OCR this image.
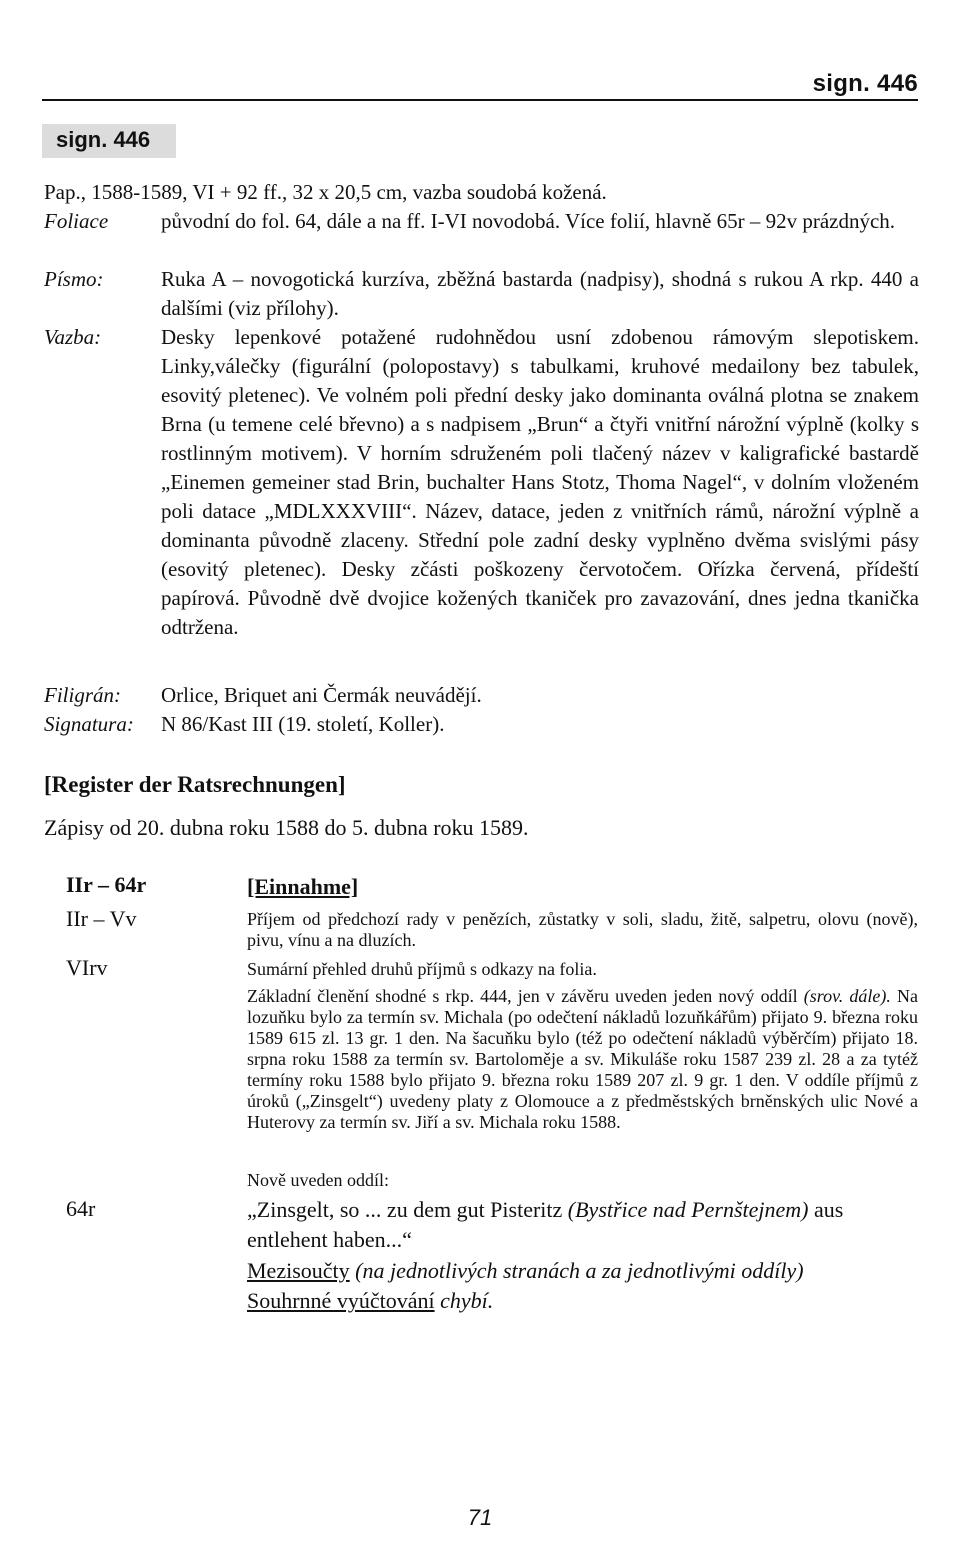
sign. 446
sign. 446
Pap., 1588-1589, VI + 92 ff., 32 x 20,5 cm, vazba soudobá kožená.
Foliace	původní do fol. 64, dále a na ff. I-VI novodobá. Více folií, hlavně 65r – 92v prázdných.
Písmo:	Ruka A – novogotická kurzíva, zběžná bastarda (nadpisy), shodná s rukou A rkp. 440 a dalšími (viz přílohy).
Vazba:	Desky lepenkové potažené rudohnědou usní zdobenou rámovým slepotiskem. Linky,válečky (figurální (polopostavy) s tabulkami, kruhové medailony bez tabulek, esovitý pletenec). Ve volném poli přední desky jako dominanta oválná plotna se znakem Brna (u temene celé břevno) a s nadpisem „Brun“ a čtyři vnitřní nárožní výplně (kolky s rostlinným motivem). V horním sdruženém poli tlačený název v kaligrafické bastardě „Einemen gemeiner stad Brin, buchalter Hans Stotz, Thoma Nagel“, v dolním vloženém poli datace „MDLXXXVIII“. Název, datace, jeden z vnitřních rámů, nárožní výplně a dominanta původně zlaceny. Střední pole zadní desky vyplněno dvěma svislými pásy (esovitý pletenec). Desky zčásti poškozeny červotočem. Ořízka červená, přídeští papírová. Původně dvě dvojice kožených tkaniček pro zavazování, dnes jedna tkanička odtržena.
Filigrán: Orlice, Briquet ani Čermák neuvádějí.
Signatura: N 86/Kast III (19. století, Koller).
[Register der Ratsrechnungen]
Zápisy od 20. dubna roku 1588 do 5. dubna roku 1589.
IIr – 64r	[Einnahme]
IIr – Vv	Příjem od předchozí rady v penězích, zůstatky v soli, sladu, žitě, salpetru, olovu (nově), pivu, vínu a na dluzích.
VIrv	Sumární přehled druhů příjmů s odkazy na folia.
Základní členění shodné s rkp. 444, jen v závěru uveden jeden nový oddíl (srov. dále). Na lozuňku bylo za termín sv. Michala (po odečtení nákladů lozuňkářům) přijato 9. března roku 1589 615 zl. 13 gr. 1 den. Na šacuňku bylo (též po odečtení nákladů výběrčím) přijato 18. srpna roku 1588 za termín sv. Bartoloměje a sv. Mikuláše roku 1587 239 zl. 28 a za tytéž termíny roku 1588 bylo přijato 9. března roku 1589 207 zl. 9 gr. 1 den. V oddíle příjmů z úroků („Zinsgelt“) uvedeny platy z Olomouce a z předměstských brněnských ulic Nové a Huterovy za termín sv. Jiří a sv. Michala roku 1588.
Nově uveden oddíl:
64r	„Zinsgelt, so ... zu dem gut Pisteritz (Bystřice nad Pernštejnem) aus entlehent haben...“
Mezisoučty (na jednotlivých stranách a za jednotlivými oddíly)
Souhrnné vyúčtování chybí.
71
